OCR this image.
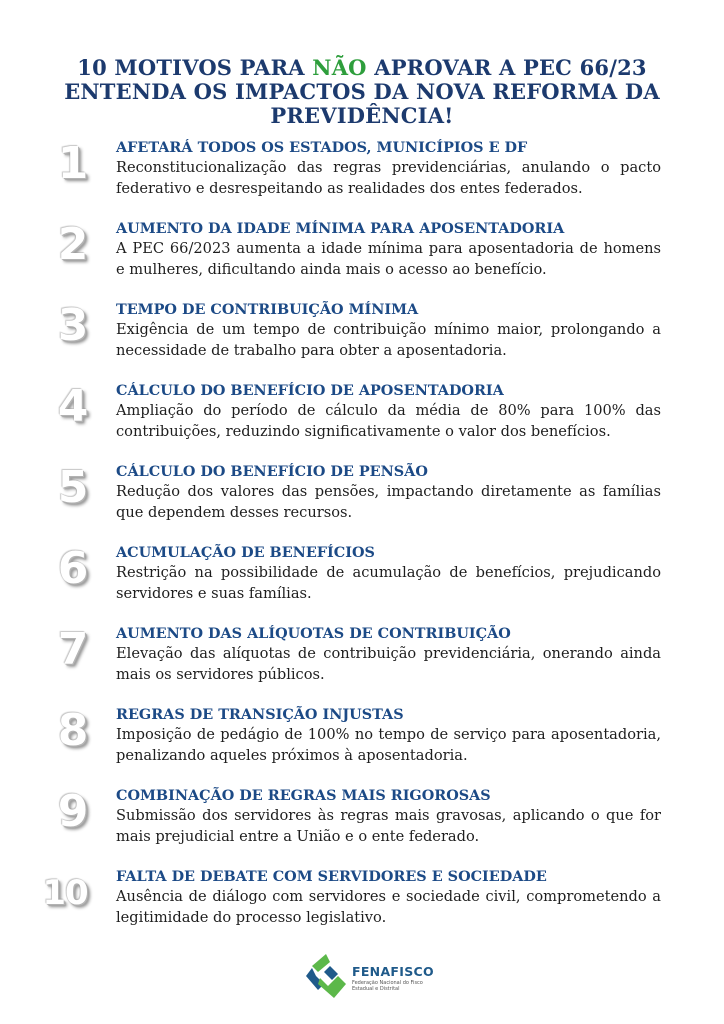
10 MOTIVOS PARA NÃO APROVAR A PEC 66/23
ENTENDA OS IMPACTOS DA NOVA REFORMA DA
PREVIDÊNCIA!
1	AFETARÁ TODOS OS ESTADOS, MUNICÍPIOS E DF
Reconstitucionalização das regras previdenciárias, anulando o pacto federativo e desrespeitando as realidades dos entes federados.
2	AUMENTO DA IDADE MÍNIMA PARA APOSENTADORIA
A PEC 66/2023 aumenta a idade mínima para aposentadoria de homens e mulheres, dificultando ainda mais o acesso ao benefício.
3	TEMPO DE CONTRIBUIÇÃO MÍNIMA
Exigência de um tempo de contribuição mínimo maior, prolongando a necessidade de trabalho para obter a aposentadoria.
4	CÁLCULO DO BENEFÍCIO DE APOSENTADORIA
Ampliação do período de cálculo da média de 80% para 100% das contribuições, reduzindo significativamente o valor dos benefícios.
5	CÁLCULO DO BENEFÍCIO DE PENSÃO
Redução dos valores das pensões, impactando diretamente as famílias que dependem desses recursos.
6	ACUMULAÇÃO DE BENEFÍCIOS
Restrição na possibilidade de acumulação de benefícios, prejudicando servidores e suas famílias.
7	AUMENTO DAS ALÍQUOTAS DE CONTRIBUIÇÃO
Elevação das alíquotas de contribuição previdenciária, onerando ainda mais os servidores públicos.
8	REGRAS DE TRANSIÇÃO INJUSTAS
Imposição de pedágio de 100% no tempo de serviço para aposentadoria, penalizando aqueles próximos à aposentadoria.
9	COMBINAÇÃO DE REGRAS MAIS RIGOROSAS
Submissão dos servidores às regras mais gravosas, aplicando o que for mais prejudicial entre a União e o ente federado.
10	FALTA DE DEBATE COM SERVIDORES E SOCIEDADE
Ausência de diálogo com servidores e sociedade civil, comprometendo a legitimidade do processo legislativo.
FENAFISCO
Federação Nacional do Fisco Estadual e Distrital
